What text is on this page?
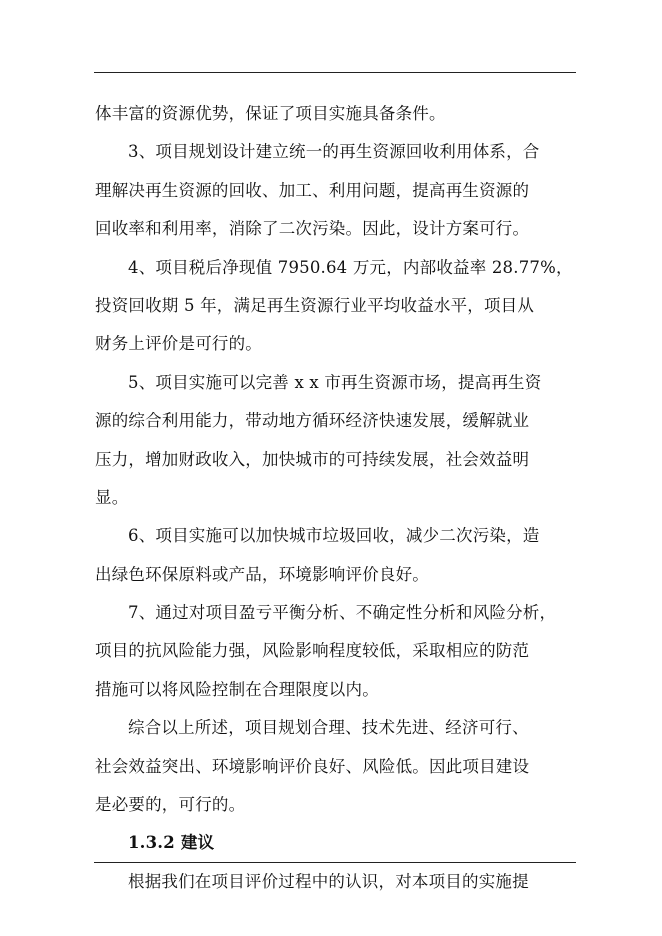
体丰富的资源优势，保证了项目实施具备条件。
3、项目规划设计建立统一的再生资源回收利用体系，合
理解决再生资源的回收、加工、利用问题，提高再生资源的
回收率和利用率，消除了二次污染。因此，设计方案可行。
4、项目税后净现值 7950.64 万元，内部收益率 28.77%，
投资回收期 5 年，满足再生资源行业平均收益水平，项目从
财务上评价是可行的。
5、项目实施可以完善 x x 市再生资源市场，提高再生资
源的综合利用能力，带动地方循环经济快速发展，缓解就业
压力，增加财政收入，加快城市的可持续发展，社会效益明
显。
6、项目实施可以加快城市垃圾回收，减少二次污染，造
出绿色环保原料或产品，环境影响评价良好。
7、通过对项目盈亏平衡分析、不确定性分析和风险分析，
项目的抗风险能力强，风险影响程度较低，采取相应的防范
措施可以将风险控制在合理限度以内。
综合以上所述，项目规划合理、技术先进、经济可行、
社会效益突出、环境影响评价良好、风险低。因此项目建设
是必要的，可行的。
1.3.2 建议
根据我们在项目评价过程中的认识，对本项目的实施提
